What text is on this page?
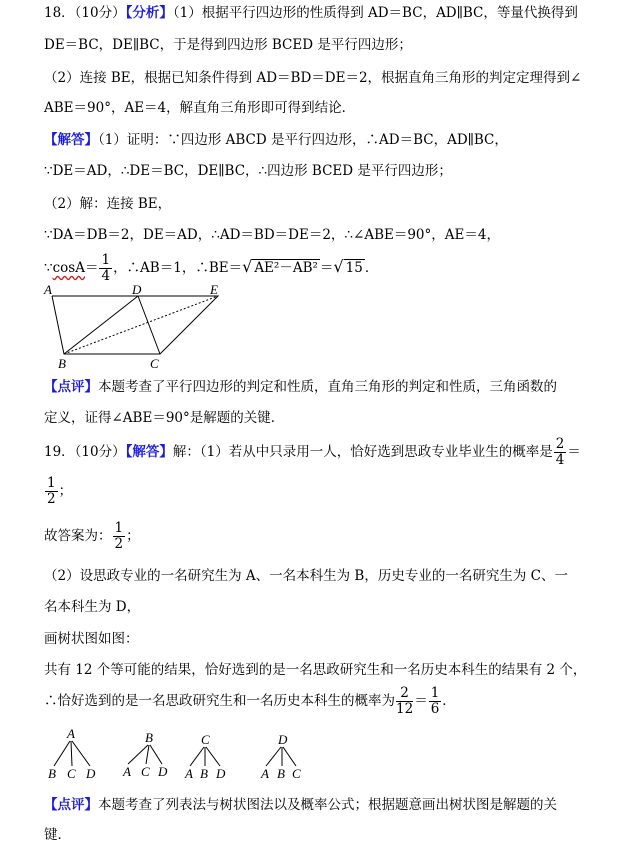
18．（10分）【分析】（1）根据平行四边形的性质得到 AD＝BC，AD∥BC，等量代换得到
DE＝BC，DE∥BC，于是得到四边形 BCED 是平行四边形；
（2）连接 BE，根据已知条件得到 AD＝BD＝DE＝2，根据直角三角形的判定定理得到∠
ABE＝90°，AE＝4，解直角三角形即可得到结论．
【解答】（1）证明：∵四边形 ABCD 是平行四边形，∴AD＝BC，AD∥BC，
∵DE＝AD，∴DE＝BC，DE∥BC，∴四边形 BCED 是平行四边形；
（2）解：连接 BE，
∵DA＝DB＝2，DE＝AD，∴AD＝BD＝DE＝2，∴∠ABE＝90°，AE＝4，
∵cosA＝ $\frac{1}{4}$ ，∴AB＝1，∴BE＝√ AE²－AB² ＝√ 15 ．
A	D	E
B	C
【点评】本题考查了平行四边形的判定和性质，直角三角形的判定和性质，三角函数的
定义，证得∠ABE＝90°是解题的关键．
19．（10分）【解答】解：（1）若从中只录用一人，恰好选到思政专业毕业生的概率是 $\frac{2}{4}$ ＝
$\frac{1}{2}$ ；
故答案为： $\frac{1}{2}$ ；
（2）设思政专业的一名研究生为 A、一名本科生为 B，历史专业的一名研究生为 C、一
名本科生为 D，
画树状图如图：
共有 12 个等可能的结果，恰好选到的是一名思政研究生和一名历史本科生的结果有 2 个，
∴恰好选到的是一名思政研究生和一名历史本科生的概率为 $\frac{2}{12} = \frac{1}{6}$ ．
A
B C D
B
A C D
C
A B D
D
A B C
【点评】本题考查了列表法与树状图法以及概率公式；根据题意画出树状图是解题的关
键．
